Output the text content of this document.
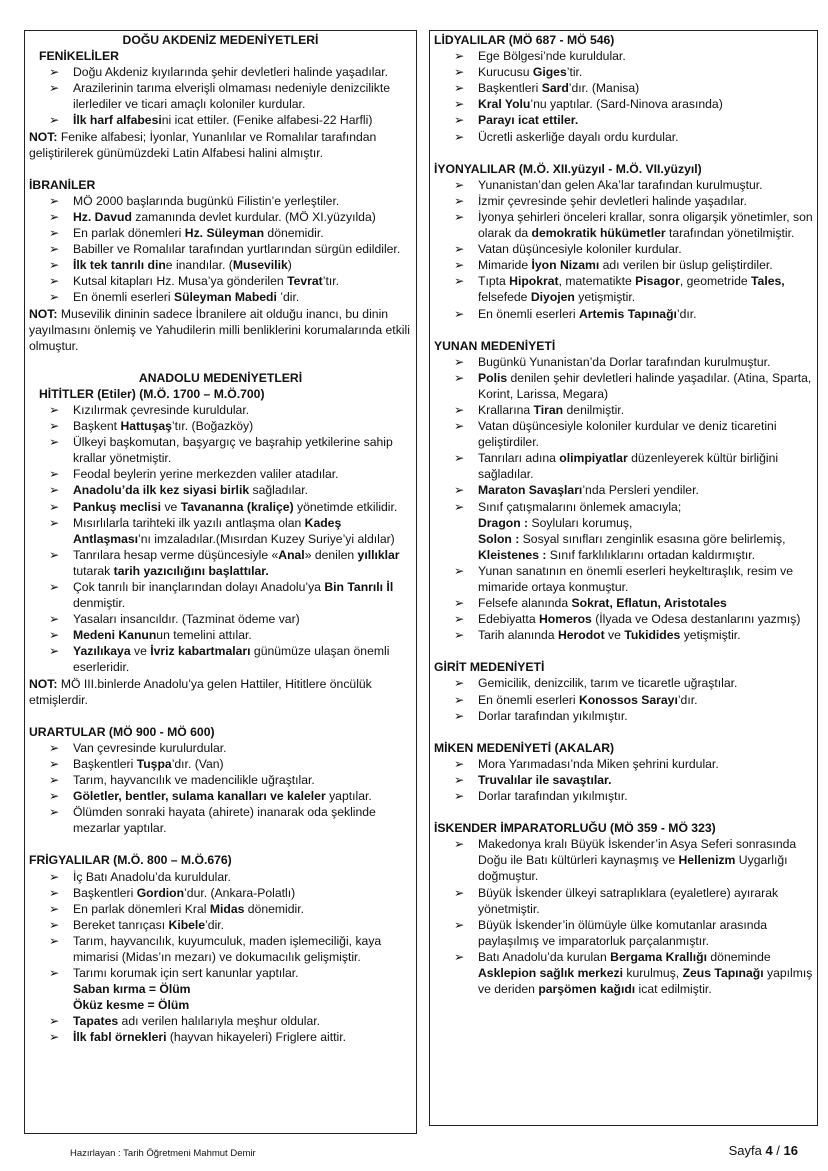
DOĞU AKDENİZ MEDENİYETLERİ
FENİKELİLER
➢ Doğu Akdeniz kıyılarında şehir devletleri halinde yaşadılar.
➢ Arazilerinin tarıma elverişli olmaması nedeniyle denizcilikte ilerlediler ve ticari amaçlı koloniler kurdular.
➢ İlk harf alfabesini icat ettiler. (Fenike alfabesi-22 Harfli)
NOT: Fenike alfabesi; İyonlar, Yunanlılar ve Romalılar tarafından geliştirilerek günümüzdeki Latin Alfabesi halini almıştır.
İBRANİLER
➢ MÖ 2000 başlarında bugünkü Filistin’e yerleştiler.
➢ Hz. Davud zamanında devlet kurdular. (MÖ XI.yüzyılda)
➢ En parlak dönemleri Hz. Süleyman dönemidir.
➢ Babiller ve Romalılar tarafından yurtlarından sürgün edildiler.
➢ İlk tek tanrılı dine inandılar. (Musevilik)
➢ Kutsal kitapları Hz. Musa’ya gönderilen Tevrat’tır.
➢ En önemli eserleri Süleyman Mabedi ’dir.
NOT: Musevilik dininin sadece İbranilere ait olduğu inancı, bu dinin yayılmasını önlemiş ve Yahudilerin milli benliklerini korumalarında etkili olmuştur.
ANADOLU MEDENİYETLERİ
HİTİTLER (Etiler) (M.Ö. 1700 – M.Ö.700)
➢ Kızılırmak çevresinde kuruldular.
➢ Başkent Hattuşaş’tır. (Boğazköy)
➢ Ülkeyi başkomutan, başyargıç ve başrahip yetkilerine sahip krallar yönetmiştir.
➢ Feodal beylerin yerine merkezden valiler atadılar.
➢ Anadolu’da ilk kez siyasi birlik sağladılar.
➢ Pankuş meclisi ve Tavananna (kraliçe) yönetimde etkilidir.
➢ Mısırlılarla tarihteki ilk yazılı antlaşma olan Kadeş Antlaşması’nı imzaladılar.(Mısırdan Kuzey Suriye’yi aldılar)
➢ Tanrılara hesap verme düşüncesiyle «Anal» denilen yıllıklar tutarak tarih yazıcılığını başlattılar.
➢ Çok tanrılı bir inançlarından dolayı Anadolu’ya Bin Tanrılı İl denmiştir.
➢ Yasaları insancıldır. (Tazminat ödeme var)
➢ Medeni Kanunun temelini attılar.
➢ Yazılıkaya ve İvriz kabartmaları günümüze ulaşan önemli eserleridir.
NOT: MÖ III.binlerde Anadolu’ya gelen Hattiler, Hititlere öncülük etmişlerdir.
URARTULAR (MÖ 900 - MÖ 600)
➢ Van çevresinde kurulurdular.
➢ Başkentleri Tuşpa’dır. (Van)
➢ Tarım, hayvancılık ve madencilikle uğraştılar.
➢ Göletler, bentler, sulama kanalları ve kaleler yaptılar.
➢ Ölümden sonraki hayata (ahirete) inanarak oda şeklinde mezarlar yaptılar.
FRİGYALILAR (M.Ö. 800 – M.Ö.676)
➢ İç Batı Anadolu’da kuruldular.
➢ Başkentleri Gordion’dur. (Ankara-Polatlı)
➢ En parlak dönemleri Kral Midas dönemidir.
➢ Bereket tanrıçası Kibele’dir.
➢ Tarım, hayvancılık, kuyumculuk, maden işlemeciliği, kaya mimarisi (Midas’ın mezarı) ve dokumacılık gelişmiştir.
➢ Tarımı korumak için sert kanunlar yaptılar.
Saban kırma = Ölüm
Öküz kesme = Ölüm
➢ Tapates adı verilen halılarıyla meşhur oldular.
➢ İlk fabl örnekleri (hayvan hikayeleri) Friglere aittir.
LİDYALILAR (MÖ 687 - MÖ 546)
➢ Ege Bölgesi’nde kuruldular.
➢ Kurucusu Giges’tir.
➢ Başkentleri Sard’dır. (Manisa)
➢ Kral Yolu’nu yaptılar. (Sard-Ninova arasında)
➢ Parayı icat ettiler.
➢ Ücretli askerliğe dayalı ordu kurdular.
İYONYALILAR (M.Ö. XII.yüzyıl - M.Ö. VII.yüzyıl)
➢ Yunanistan’dan gelen Aka’lar tarafından kurulmuştur.
➢ İzmir çevresinde şehir devletleri halinde yaşadılar.
➢ İyonya şehirleri önceleri krallar, sonra oligarşik yönetimler, son olarak da demokratik hükümetler tarafından yönetilmiştir.
➢ Vatan düşüncesiyle koloniler kurdular.
➢ Mimaride İyon Nizamı adı verilen bir üslup geliştirdiler.
➢ Tıpta Hipokrat, matematikte Pisagor, geometride Tales, felsefede Diyojen yetişmiştir.
➢ En önemli eserleri Artemis Tapınağı’dır.
YUNAN MEDENİYETİ
➢ Bugünkü Yunanistan’da Dorlar tarafından kurulmuştur.
➢ Polis denilen şehir devletleri halinde yaşadılar. (Atina, Sparta, Korint, Larissa, Megara)
➢ Krallarına Tiran denilmiştir.
➢ Vatan düşüncesiyle koloniler kurdular ve deniz ticaretini geliştirdiler.
➢ Tanrıları adına olimpiyatlar düzenleyerek kültür birliğini sağladılar.
➢ Maraton Savaşları’nda Persleri yendiler.
➢ Sınıf çatışmalarını önlemek amacıyla;
Dragon : Soyluları korumuş,
Solon : Sosyal sınıfları zenginlik esasına göre belirlemiş,
Kleistenes : Sınıf farklılıklarını ortadan kaldırmıştır.
➢ Yunan sanatının en önemli eserleri heykeltıraşlık, resim ve mimaride ortaya konmuştur.
➢ Felsefe alanında Sokrat, Eflatun, Aristotales
➢ Edebiyatta Homeros (İlyada ve Odesa destanlarını yazmış)
➢ Tarih alanında Herodot ve Tukidides yetişmiştir.
GİRİT MEDENİYETİ
➢ Gemicilik, denizcilik, tarım ve ticaretle uğraştılar.
➢ En önemli eserleri Konossos Sarayı’dır.
➢ Dorlar tarafından yıkılmıştır.
MİKEN MEDENİYETİ (AKALAR)
➢ Mora Yarımadası’nda Miken şehrini kurdular.
➢ Truvalılar ile savaştılar.
➢ Dorlar tarafından yıkılmıştır.
İSKENDER İMPARATORLUĞU (MÖ 359 - MÖ 323)
➢ Makedonya kralı Büyük İskender’in Asya Seferi sonrasında Doğu ile Batı kültürleri kaynaşmış ve Hellenizm Uygarlığı doğmuştur.
➢ Büyük İskender ülkeyi satraplıklara (eyaletlere) ayırarak yönetmiştir.
➢ Büyük İskender’in ölümüyle ülke komutanlar arasında paylaşılmış ve imparatorluk parçalanmıştır.
➢ Batı Anadolu’da kurulan Bergama Krallığı döneminde Asklepion sağlık merkezi kurulmuş, Zeus Tapınağı yapılmış ve deriden parşömen kağıdı icat edilmiştir.
Hazırlayan : Tarih Öğretmeni Mahmut Demir	Sayfa 4 / 16
